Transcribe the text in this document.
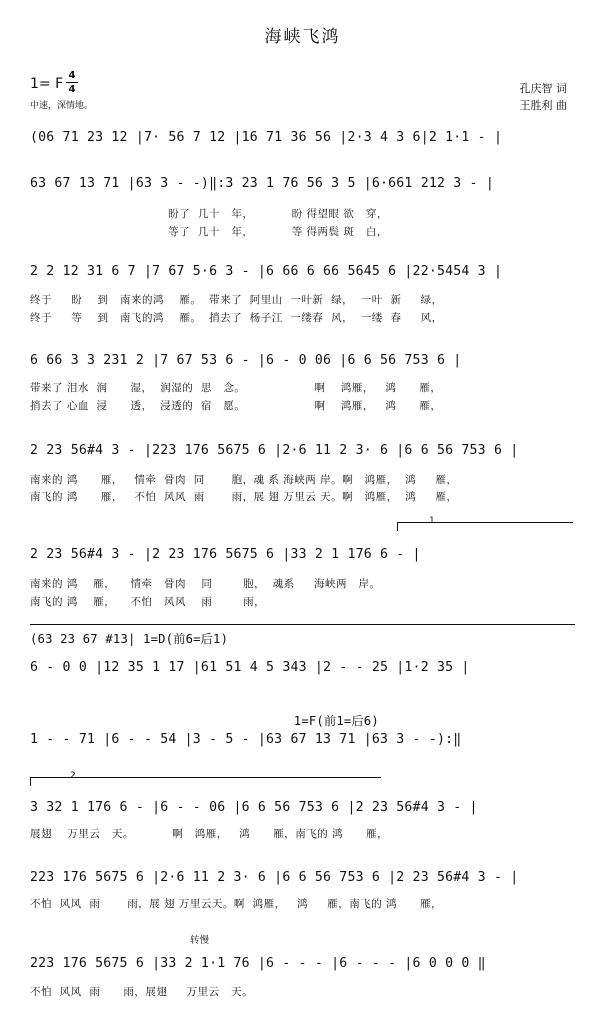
海峡飞鸿
1= F
4
4
中速，深情地。
孔庆智 词
王胜利 曲
(06 71 23 12 |7· 56 7 12 |16 71 36 56 |2·3 4 3 6|2 1·1 - |
63 67 13 71 |63 3 - -)‖:3 23 1 76 56 3 5 |6·661 212 3 - |
盼了  几十   年，          盼 得望眼 欲   穿，
等了  几十   年，          等 得两鬓 斑   白，
2 2 12 31 6 7 |7 67 5·6 3 - |6 66 6 66 5645 6 |22·5454 3 |
终于     盼    到   南来的鸿    雁。  带来了  阿里山  一叶新  绿，  一叶  新     绿，
终于     等    到   南飞的鸿    雁。  捎去了  杨子江  一缕春  风，  一缕  春     风，
6 66 3 3 231 2 |7 67 53 6 - |6 - 0 06 |6 6 56 753 6 |
带来了 泪水  润      湿，  润湿的  思   念。                  啊    鸿雁，   鸿      雁，
捎去了 心血  浸      透，  浸透的  宿   愿。                  啊    鸿雁，   鸿      雁，
2 23 56#4 3 - |223 176 5675 6 |2·6 11 2 3· 6 |6 6 56 753 6 |
南来的 鸿      雁，   情牵  骨肉  同       胞，魂 系 海峡两 岸。啊   鸿雁，  鸿     雁，
南飞的 鸿      雁，   不怕  风风  雨       雨，展 翅 万里云 天。啊   鸿雁，  鸿     雁，
1
2 23 56#4 3 - |2 23 176 5675 6 |33 2 1 176 6 - |
南来的 鸿    雁，    情牵   骨肉    同        胞，  魂系     海峡两   岸。
南飞的 鸿    雁，    不怕   风风    雨        雨，
(63 23 67 #13| 1=D(前6=后1)
6 - 0 0 |12 35 1 17 |61 51 4 5 343 |2 - - 25 |1·2 35 |
1=F(前1=后6)
1 - - 71 |6 - - 54 |3 - 5 - |63 67 13 71 |63 3 - -):‖
2
3 32 1 176 6 - |6 - - 06 |6 6 56 753 6 |2 23 56#4 3 - |
展翅    万里云   天。          啊   鸿雁，   鸿      雁，南飞的 鸿      雁，
223 176 5675 6 |2·6 11 2 3· 6 |6 6 56 753 6 |2 23 56#4 3 - |
不怕  风风  雨       雨，展 翅 万里云天。啊  鸿雁，   鸿     雁，南飞的 鸿      雁，
转慢
223 176 5675 6 |33 2 1·1 76 |6 - - - |6 - - - |6 0 0 0 ‖
不怕  风风  雨      雨，展翅     万里云   天。
